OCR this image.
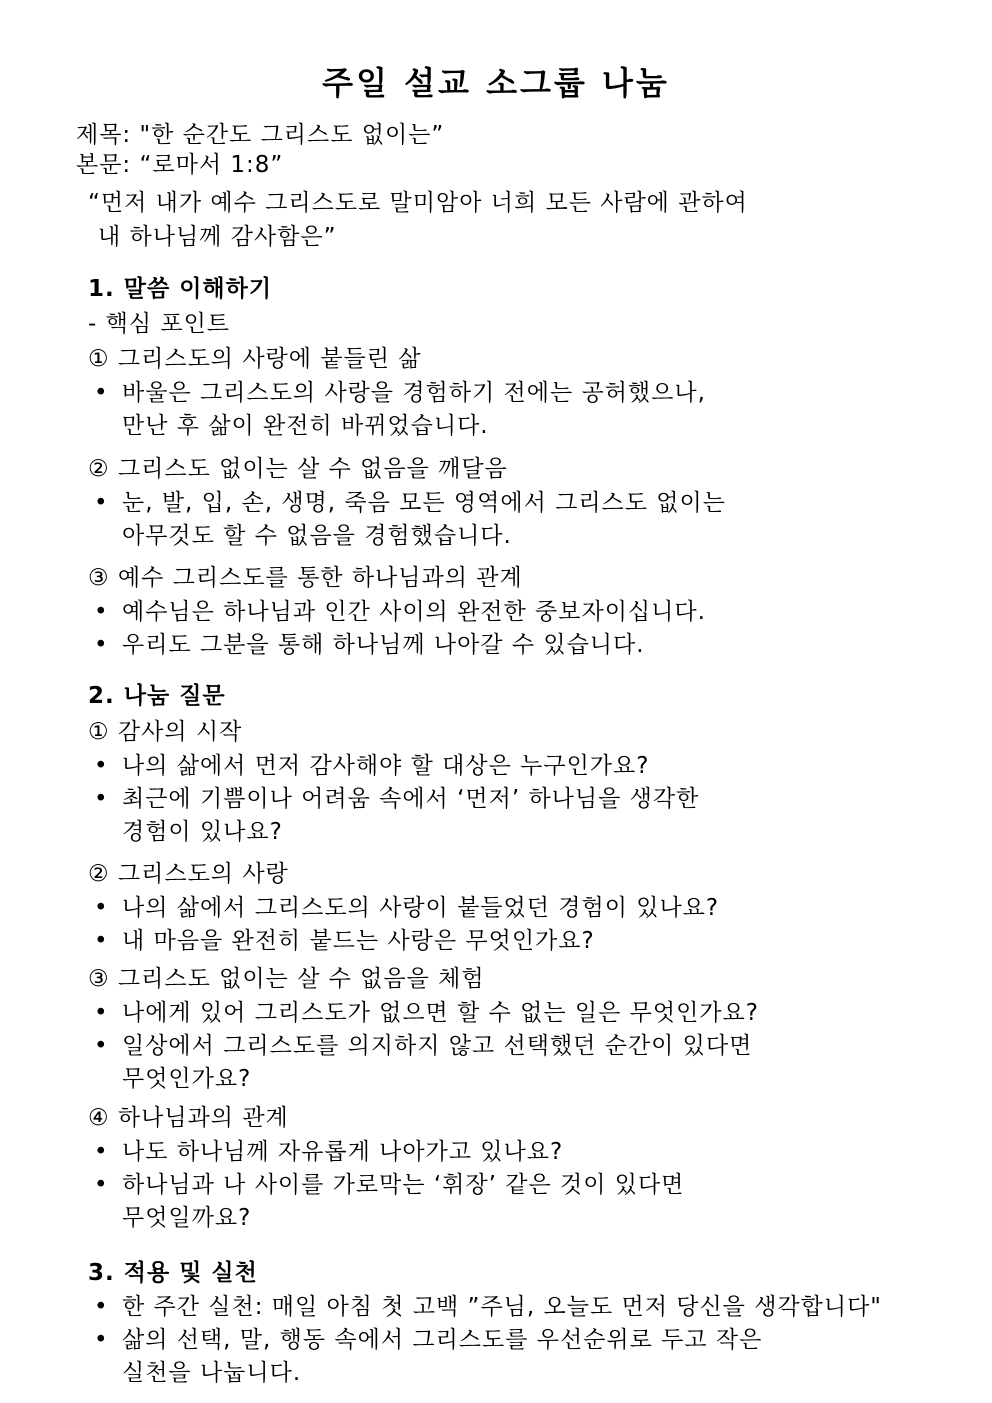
주일 설교 소그룹 나눔
제목: "한 순간도 그리스도 없이는”
본문: “로마서 1:8”
“먼저 내가 예수 그리스도로 말미암아 너희 모든 사람에 관하여
내 하나님께 감사함은”
1. 말씀 이해하기
- 핵심 포인트
① 그리스도의 사랑에 붙들린 삶
• 바울은 그리스도의 사랑을 경험하기 전에는 공허했으나,
만난 후 삶이 완전히 바뀌었습니다.
② 그리스도 없이는 살 수 없음을 깨달음
• 눈, 발, 입, 손, 생명, 죽음 모든 영역에서 그리스도 없이는
아무것도 할 수 없음을 경험했습니다.
③ 예수 그리스도를 통한 하나님과의 관계
• 예수님은 하나님과 인간 사이의 완전한 중보자이십니다.
• 우리도 그분을 통해 하나님께 나아갈 수 있습니다.
2. 나눔 질문
① 감사의 시작
• 나의 삶에서 먼저 감사해야 할 대상은 누구인가요?
• 최근에 기쁨이나 어려움 속에서 ‘먼저’ 하나님을 생각한
경험이 있나요?
② 그리스도의 사랑
• 나의 삶에서 그리스도의 사랑이 붙들었던 경험이 있나요?
• 내 마음을 완전히 붙드는 사랑은 무엇인가요?
③ 그리스도 없이는 살 수 없음을 체험
• 나에게 있어 그리스도가 없으면 할 수 없는 일은 무엇인가요?
• 일상에서 그리스도를 의지하지 않고 선택했던 순간이 있다면
무엇인가요?
④ 하나님과의 관계
• 나도 하나님께 자유롭게 나아가고 있나요?
• 하나님과 나 사이를 가로막는 ‘휘장’ 같은 것이 있다면
무엇일까요?
3. 적용 및 실천
• 한 주간 실천: 매일 아침 첫 고백 ”주님, 오늘도 먼저 당신을 생각합니다"
• 삶의 선택, 말, 행동 속에서 그리스도를 우선순위로 두고 작은
실천을 나눕니다.
